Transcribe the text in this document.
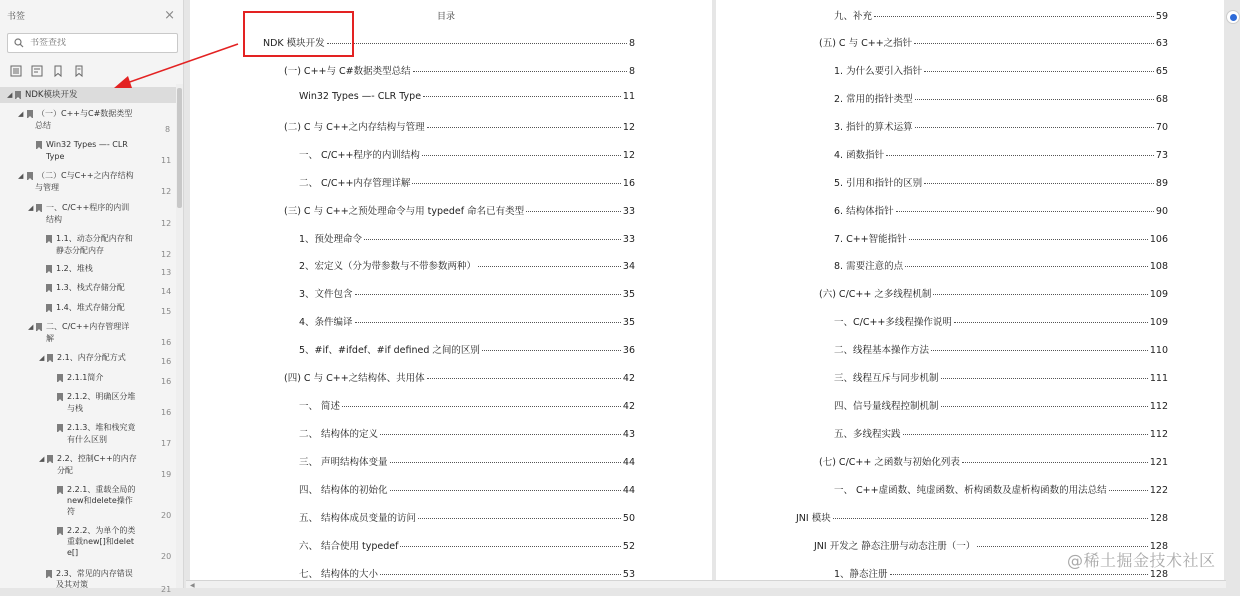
书签	×
书签查找
◢ NDK模块开发
◢ （一）C++与C#数据类型
总结	8
Win32 Types —- CLR
Type	11
◢ （二）C与C++之内存结构
与管理	12
◢ 一、C/C++程序的内训
结构	12
1.1、动态分配内存和
静态分配内存	12
1.2、堆栈	13
1.3、栈式存储分配	14
1.4、堆式存储分配	15
◢ 二、C/C++内存管理详
解	16
◢ 2.1、内存分配方式	16
2.1.1简介	16
2.1.2、明确区分堆
与栈	16
2.1.3、堆和栈究竟
有什么区别	17
◢ 2.2、控制C++的内存
分配	19
2.2.1、重载全局的
new和delete操作
符	20
2.2.2、为单个的类
重载new[]和delet
e[]	20
2.3、常见的内存错误
及其对策
21
目录
NDK 模块开发	8
(一) C++与 C#数据类型总结	8
Win32 Types —- CLR Type	11
(二) C 与 C++之内存结构与管理	12
一、 C/C++程序的内训结构	12
二、 C/C++内存管理详解	16
(三) C 与 C++之预处理命令与用 typedef 命名已有类型	33
1、预处理命令	33
2、宏定义（分为带参数与不带参数两种）	34
3、文件包含	35
4、条件编译	35
5、#if、#ifdef、#if defined 之间的区别	36
(四) C 与 C++之结构体、共用体	42
一、 简述	42
二、 结构体的定义	43
三、 声明结构体变量	44
四、 结构体的初始化	44
五、 结构体成员变量的访问	50
六、 结合使用 typedef	52
七、 结构体的大小	53
九、补充	59
(五) C 与 C++之指针	63
1. 为什么要引入指针	65
2. 常用的指针类型	68
3. 指针的算术运算	70
4. 函数指针	73
5. 引用和指针的区别	89
6. 结构体指针	90
7. C++智能指针	106
8. 需要注意的点	108
(六) C/C++ 之多线程机制	109
一、C/C++多线程操作说明	109
二、线程基本操作方法	110
三、线程互斥与同步机制	111
四、信号量线程控制机制	112
五、多线程实践	112
(七) C/C++ 之函数与初始化列表	121
一、 C++虚函数、纯虚函数、析构函数及虚析构函数的用法总结	122
JNI 模块	128
JNI 开发之 静态注册与动态注册（一）	128
1、静态注册	128
◀
@稀土掘金技术社区
